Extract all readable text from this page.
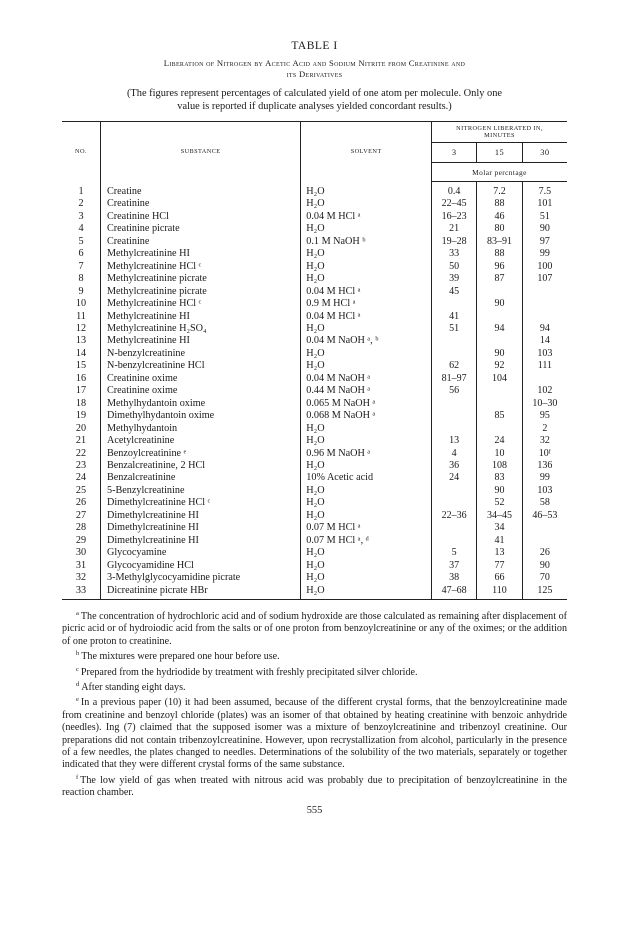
TABLE I

Liberation of Nitrogen by Acetic Acid and Sodium Nitrite from Creatinine and

its Derivatives

(The figures represent percentages of calculated yield of one atom per molecule. Only one

value is reported if duplicate analyses yielded concordant results.)

NO.	SUBSTANCE	SOLVENT	NITROGEN LIBERATED IN,
MINUTES		
			3	15	30
			Molar percntage		
1	Creatine	H₂O	0.4	7.2	7.5
2	Creatinine	H₂O	22–45	88	101
3	Creatinine HCl	0.04 M HCl ᵃ	16–23	46	51
4	Creatinine picrate	H₂O	21	80	90
5	Creatinine	0.1 M NaOH ᵇ	19–28	83–91	97
6	Methylcreatinine HI	H₂O	33	88	99
7	Methylcreatinine HCl ᶜ	H₂O	50	96	100
8	Methylcreatinine picrate	H₂O	39	87	107
9	Methylcreatinine picrate	0.04 M HCl ᵃ	45		
10	Methylcreatinine HCl ᶜ	0.9 M HCl ᵃ		90	
11	Methylcreatinine HI	0.04 M HCl ᵃ	41		
12	Methylcreatinine H₂SO₄	H₂O	51	94	94
13	Methylcreatinine HI	0.04 M NaOH ᵃ, ᵇ			14
14	N-benzylcreatinine	H₂O		90	103
15	N-benzylcreatinine HCl	H₂O	62	92	111
16	Creatinine oxime	0.04 M NaOH ᵃ	81–97	104	
17	Creatinine oxime	0.44 M NaOH ᵃ	56		102
18	Methylhydantoin oxime	0.065 M NaOH ᵃ			10–30
19	Dimethylhydantoin oxime	0.068 M NaOH ᵃ		85	95
20	Methylhydantoin	H₂O			2
21	Acetylcreatinine	H₂O	13	24	32
22	Benzoylcreatinine ᵉ	0.96 M NaOH ᵃ	4	10	10ᶠ
23	Benzalcreatinine, 2 HCl	H₂O	36	108	136
24	Benzalcreatinine	10% Acetic acid	24	83	99
25	5-Benzylcreatinine	H₂O		90	103
26	Dimethylcreatinine HCl ᶜ	H₂O		52	58
27	Dimethylcreatinine HI	H₂O	22–36	34–45	46–53
28	Dimethylcreatinine HI	0.07 M HCl ᵃ		34	
29	Dimethylcreatinine HI	0.07 M HCl ᵃ, ᵈ		41	
30	Glycocyamine	H₂O	5	13	26
31	Glycocyamidine HCl	H₂O	37	77	90
32	3-Methylglycocyamidine picrate	H₂O	38	66	70
33	Dicreatinine picrate HBr	H₂O	47–68	110	125

$^a$ The concentration of hydrochloric acid and of sodium hydroxide are those calculated as remaining after displacement of picric acid or of hydroiodic acid from the salts or of one proton from benzoylcreatinine or any of the oximes; or the addition of one proton to creatinine.

$^b$ The mixtures were prepared one hour before use.

$^c$ Prepared from the hydriodide by treatment with freshly precipitated silver chloride.

$^d$ After standing eight days.

$^e$ In a previous paper (10) it had been assumed, because of the different crystal forms, that the benzoylcreatinine made from creatinine and benzoyl chloride (plates) was an isomer of that obtained by heating creatinine with benzoic anhydride (needles). Ing (7) claimed that the supposed isomer was a mixture of benzoylcreatinine and tribenzoyl creatinine. Our preparations did not contain tribenzoylcreatinine. However, upon recrystallization from alcohol, particularly in the presence of a few needles, the plates changed to needles. Determinations of the solubility of the two materials, separately or together indicated that they were different crystal forms of the same substance.

$^f$ The low yield of gas when treated with nitrous acid was probably due to precipitation of benzoylcreatinine in the reaction chamber.

555
